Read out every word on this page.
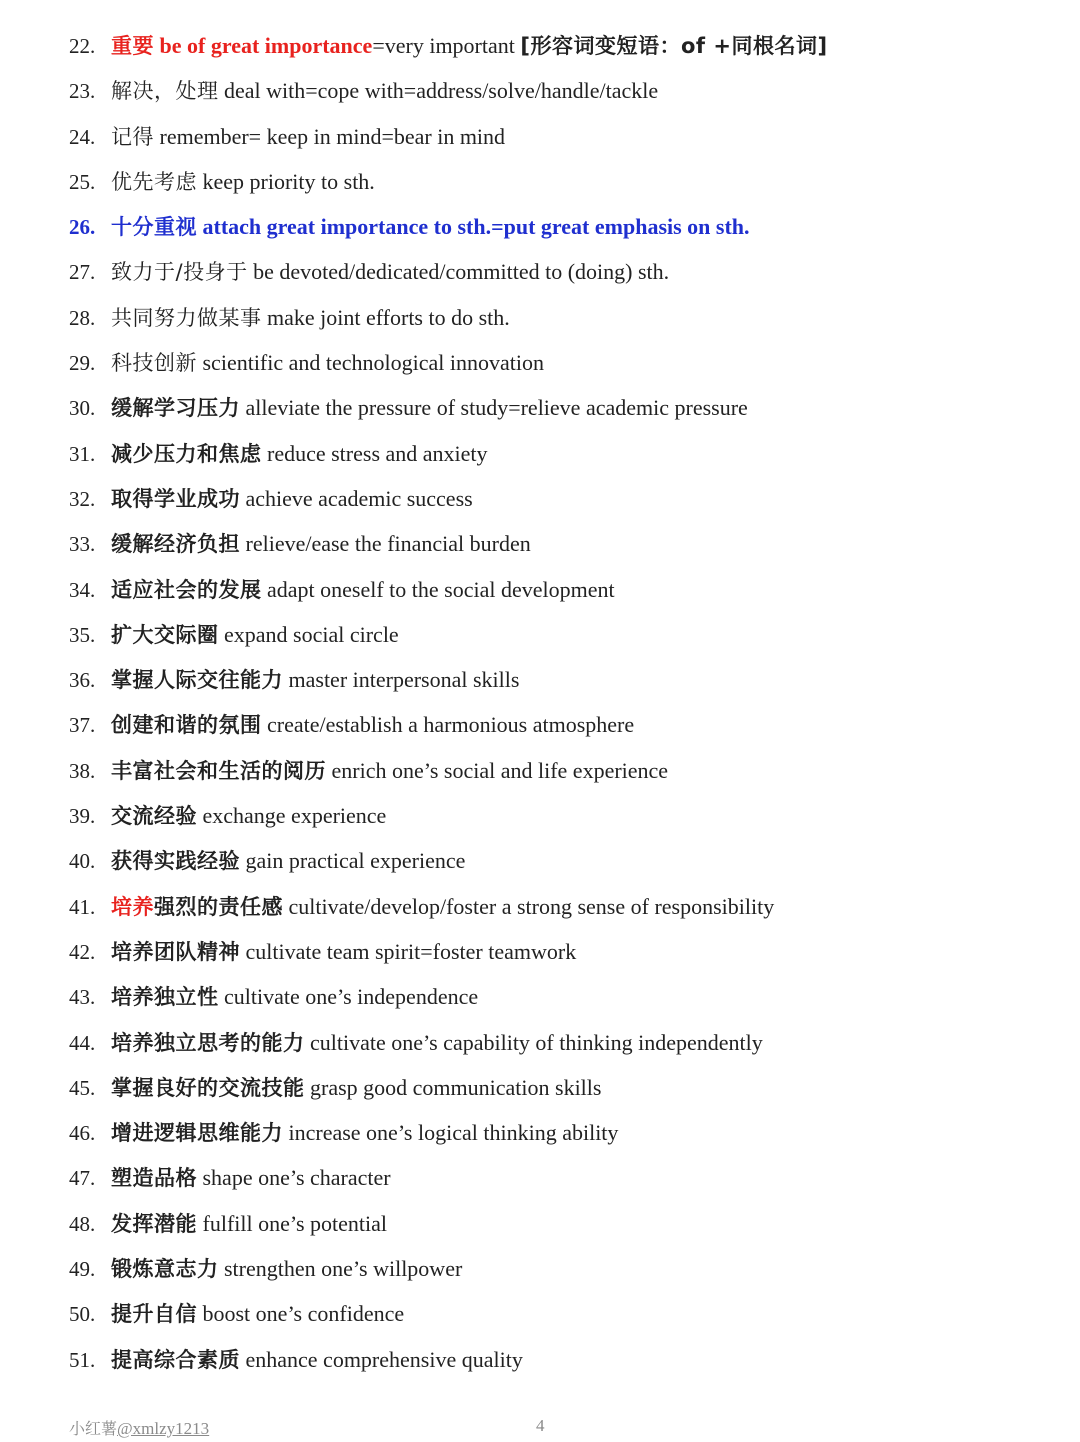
22. 重要 be of great importance=very important [形容词变短语：of +同根名词]
23. 解决，处理 deal with=cope with=address/solve/handle/tackle
24. 记得 remember= keep in mind=bear in mind
25. 优先考虑 keep priority to sth.
26. 十分重视 attach great importance to sth.=put great emphasis on sth.
27. 致力于/投身于 be devoted/dedicated/committed to (doing) sth.
28. 共同努力做某事 make joint efforts to do sth.
29. 科技创新 scientific and technological innovation
30. 缓解学习压力 alleviate the pressure of study=relieve academic pressure
31. 减少压力和焦虑 reduce stress and anxiety
32. 取得学业成功 achieve academic success
33. 缓解经济负担 relieve/ease the financial burden
34. 适应社会的发展 adapt oneself to the social development
35. 扩大交际圈 expand social circle
36. 掌握人际交往能力 master interpersonal skills
37. 创建和谐的氛围 create/establish a harmonious atmosphere
38. 丰富社会和生活的阅历 enrich one’s social and life experience
39. 交流经验 exchange experience
40. 获得实践经验 gain practical experience
41. 培养强烈的责任感 cultivate/develop/foster a strong sense of responsibility
42. 培养团队精神 cultivate team spirit=foster teamwork
43. 培养独立性 cultivate one’s independence
44. 培养独立思考的能力 cultivate one’s capability of thinking independently
45. 掌握良好的交流技能 grasp good communication skills
46. 增进逻辑思维能力 increase one’s logical thinking ability
47. 塑造品格 shape one’s character
48. 发挥潜能 fulfill one’s potential
49. 锻炼意志力 strengthen one’s willpower
50. 提升自信 boost one’s confidence
51. 提高综合素质 enhance comprehensive quality
小红薯@xmlzy1213	4
